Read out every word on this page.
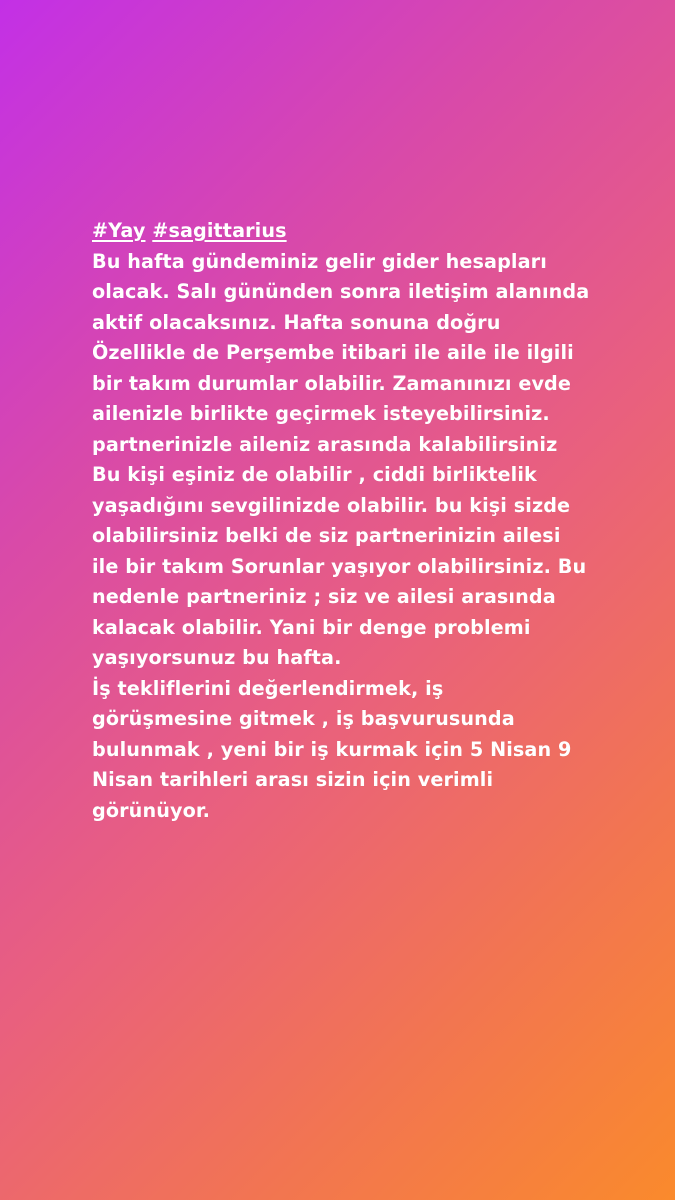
#Yay #sagittarius
Bu hafta gündeminiz gelir gider hesapları
olacak. Salı gününden sonra iletişim alanında
aktif olacaksınız. Hafta sonuna doğru
Özellikle de Perşembe itibari ile aile ile ilgili
bir takım durumlar olabilir. Zamanınızı evde
ailenizle birlikte geçirmek isteyebilirsiniz.
partnerinizle aileniz arasında kalabilirsiniz
Bu kişi eşiniz de olabilir , ciddi birliktelik
yaşadığını sevgilinizde olabilir. bu kişi sizde
olabilirsiniz belki de siz partnerinizin ailesi
ile bir takım Sorunlar yaşıyor olabilirsiniz. Bu
nedenle partneriniz ; siz ve ailesi arasında
kalacak olabilir. Yani bir denge problemi
yaşıyorsunuz bu hafta.
İş tekliflerini değerlendirmek, iş
görüşmesine gitmek , iş başvurusunda
bulunmak , yeni bir iş kurmak için 5 Nisan 9
Nisan tarihleri arası sizin için verimli
görünüyor.
